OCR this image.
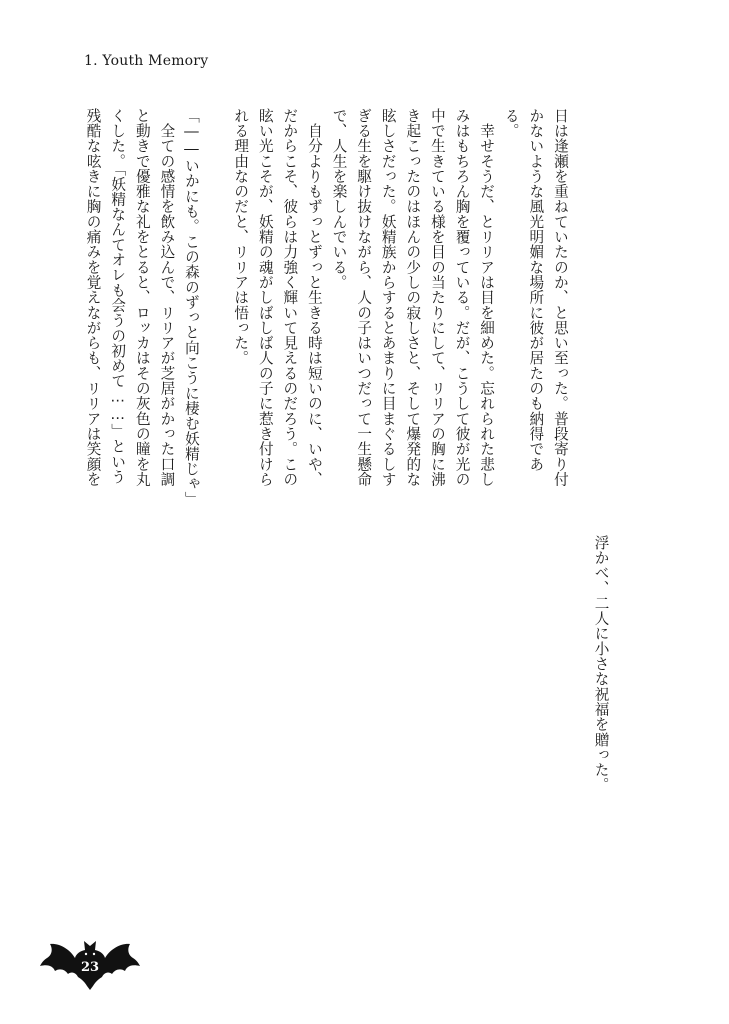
1. Youth Memory
日は逢瀬を重ねていたのか、と思い至った。普段寄り付
かないような風光明媚な場所に彼が居たのも納得であ
る。
　幸せそうだ、とリリアは目を細めた。忘れられた悲し
みはもちろん胸を覆っている。だが、こうして彼が光の
中で生きている様を目の当たりにして、リリアの胸に沸
き起こったのはほんの少しの寂しさと、そして爆発的な
眩しさだった。妖精族からするとあまりに目まぐるしす
ぎる生を駆け抜けながら、人の子はいつだって一生懸命
で、人生を楽しんでいる。
　自分よりもずっとずっと生きる時は短いのに、いや、
だからこそ、彼らは力強く輝いて見えるのだろう。この
眩い光こそが、妖精の魂がしばしば人の子に惹き付けら
れる理由なのだと、リリアは悟った。
「――いかにも。この森のずっと向こうに棲む妖精じゃ」
　全ての感情を飲み込んで、リリアが芝居がかった口調
と動きで優雅な礼をとると、ロッカはその灰色の瞳を丸
くした。「妖精なんてオレも会うの初めて……」という
残酷な呟きに胸の痛みを覚えながらも、リリアは笑顔を
浮かべ、二人に小さな祝福を贈った。
23
